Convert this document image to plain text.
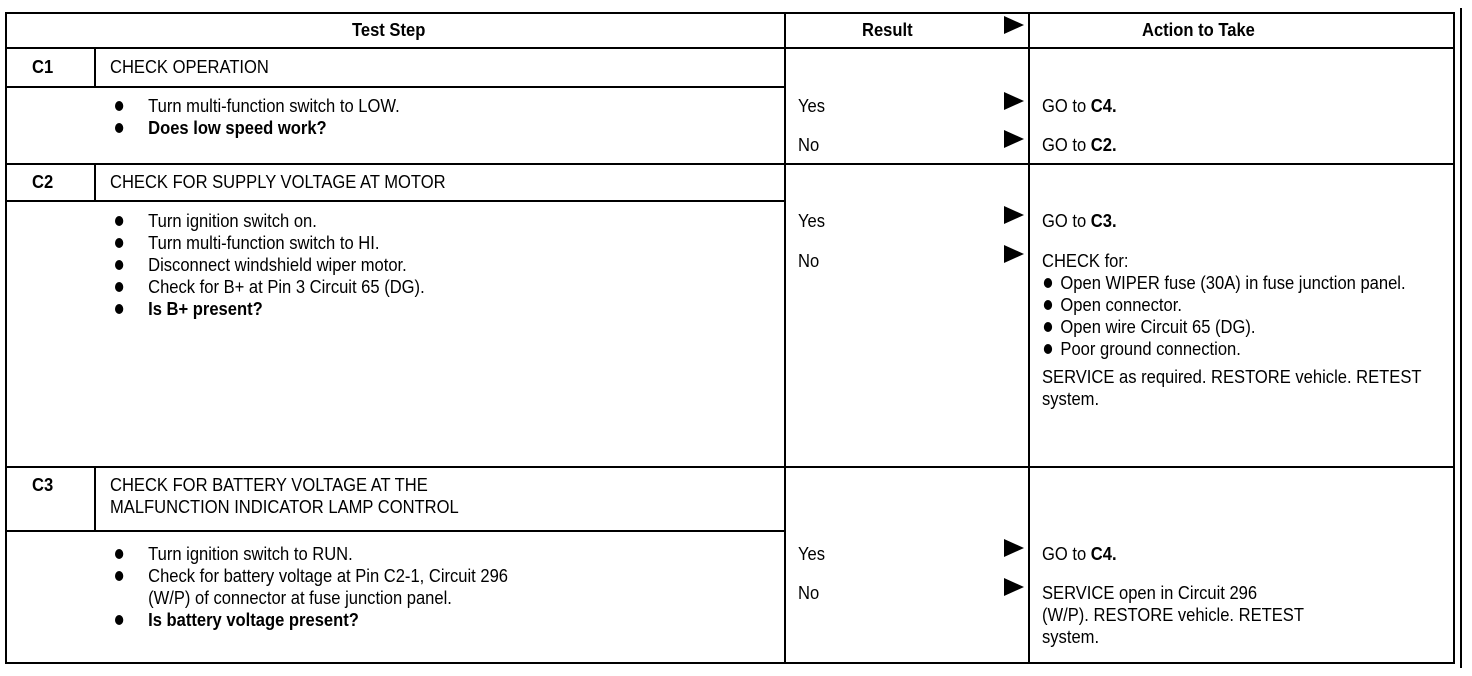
Test Step	Result	Action to Take
C1	CHECK OPERATION
Turn multi-function switch to LOW.
Does low speed work?
Yes	GO to C4.
No	GO to C2.
C2	CHECK FOR SUPPLY VOLTAGE AT MOTOR
Turn ignition switch on.
Turn multi-function switch to HI.
Disconnect windshield wiper motor.
Check for B+ at Pin 3 Circuit 65 (DG).
Is B+ present?
Yes	GO to C3.
No	CHECK for:
Open WIPER fuse (30A) in fuse junction panel.
Open connector.
Open wire Circuit 65 (DG).
Poor ground connection.
SERVICE as required. RESTORE vehicle. RETEST system.
C3	CHECK FOR BATTERY VOLTAGE AT THE
MALFUNCTION INDICATOR LAMP CONTROL
Turn ignition switch to RUN.
Check for battery voltage at Pin C2-1, Circuit 296
(W/P) of connector at fuse junction panel.
Is battery voltage present?
Yes	GO to C4.
No	SERVICE open in Circuit 296
(W/P). RESTORE vehicle. RETEST
system.
